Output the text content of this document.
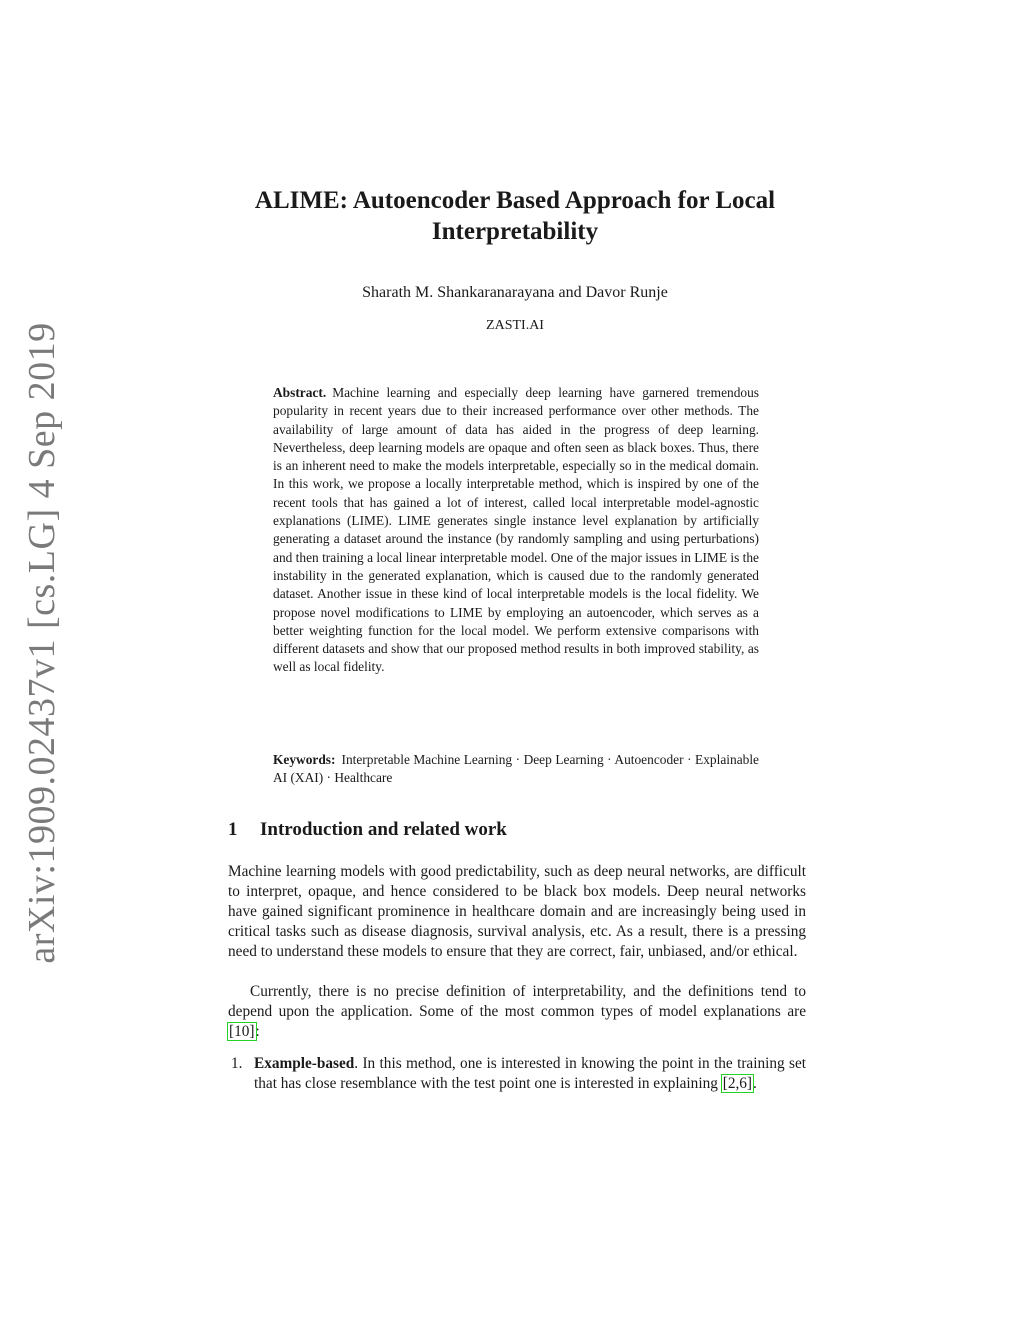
arXiv:1909.02437v1 [cs.LG] 4 Sep 2019
ALIME: Autoencoder Based Approach for Local Interpretability
Sharath M. Shankaranarayana and Davor Runje
ZASTI.AI
Abstract. Machine learning and especially deep learning have garnered tremendous popularity in recent years due to their increased performance over other methods. The availability of large amount of data has aided in the progress of deep learning. Nevertheless, deep learning models are opaque and often seen as black boxes. Thus, there is an inherent need to make the models interpretable, especially so in the medical domain. In this work, we propose a locally interpretable method, which is inspired by one of the recent tools that has gained a lot of interest, called local interpretable model-agnostic explanations (LIME). LIME generates single instance level explanation by artificially generating a dataset around the instance (by randomly sampling and using perturbations) and then training a local linear interpretable model. One of the major issues in LIME is the instability in the generated explanation, which is caused due to the randomly generated dataset. Another issue in these kind of local interpretable models is the local fidelity. We propose novel modifications to LIME by employing an autoencoder, which serves as a better weighting function for the local model. We perform extensive comparisons with different datasets and show that our proposed method results in both improved stability, as well as local fidelity.
Keywords: Interpretable Machine Learning · Deep Learning · Autoencoder · Explainable AI (XAI) · Healthcare
1 Introduction and related work
Machine learning models with good predictability, such as deep neural networks, are difficult to interpret, opaque, and hence considered to be black box models. Deep neural networks have gained significant prominence in healthcare domain and are increasingly being used in critical tasks such as disease diagnosis, survival analysis, etc. As a result, there is a pressing need to understand these models to ensure that they are correct, fair, unbiased, and/or ethical.
Currently, there is no precise definition of interpretability, and the definitions tend to depend upon the application. Some of the most common types of model explanations are [10]:
1. Example-based. In this method, one is interested in knowing the point in the training set that has close resemblance with the test point one is interested in explaining [2,6].
